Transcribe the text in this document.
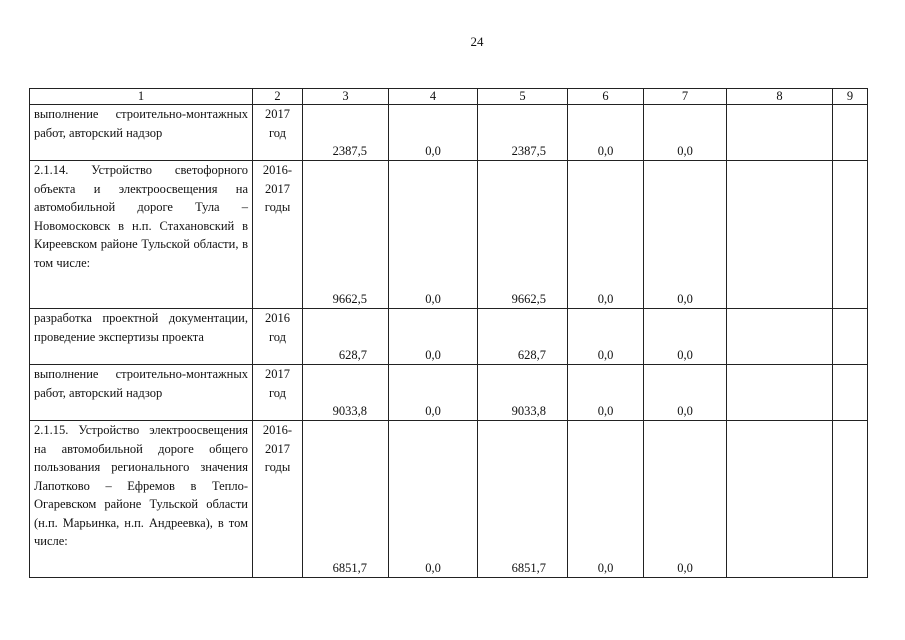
24
1	2	3	4	5	6	7	8	9
выполнение строительно-монтажных работ, авторский надзор	2017 год	2387,5	0,0	2387,5	0,0	0,0		
2.1.14. Устройство светофорного объекта и электроосвещения на автомобильной дороге Тула – Новомосковск в н.п. Стахановский в Киреевском районе Тульской области, в том числе:	2016-2017 годы	9662,5	0,0	9662,5	0,0	0,0		
разработка проектной документации, проведение экспертизы проекта	2016 год	628,7	0,0	628,7	0,0	0,0		
выполнение строительно-монтажных работ, авторский надзор	2017 год	9033,8	0,0	9033,8	0,0	0,0		
2.1.15. Устройство электроосвещения на автомобильной дороге общего пользования регионального значения Лапотково – Ефремов в Тепло-Огаревском районе Тульской области (н.п. Марьинка, н.п. Андреевка), в том числе:	2016-2017 годы	6851,7	0,0	6851,7	0,0	0,0		
